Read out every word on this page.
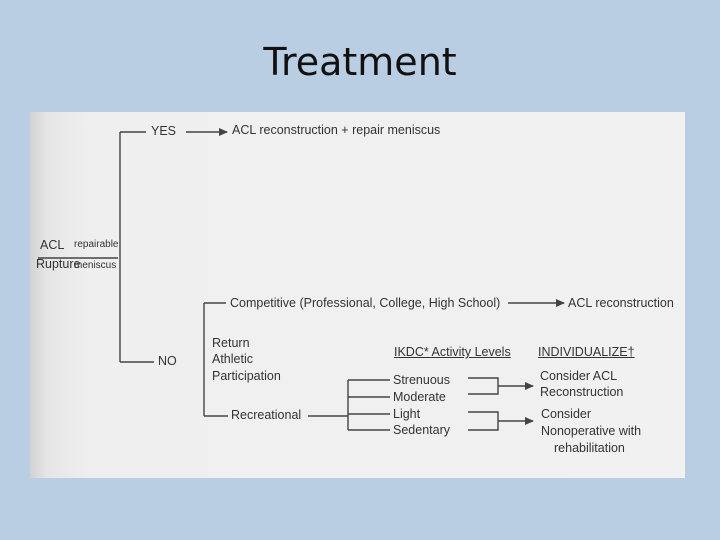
Treatment
YES	ACL reconstruction + repair meniscus
ACL
Rupture
repairable
meniscus
NO
Competitive (Professional, College, High School)	ACL reconstruction
Return
Athletic
Participation
Recreational
IKDC* Activity Levels INDIVIDUALIZE†
Strenuous
Moderate
Light
Sedentary
Consider ACL
Reconstruction
Consider
Nonoperative with
rehabilitation
